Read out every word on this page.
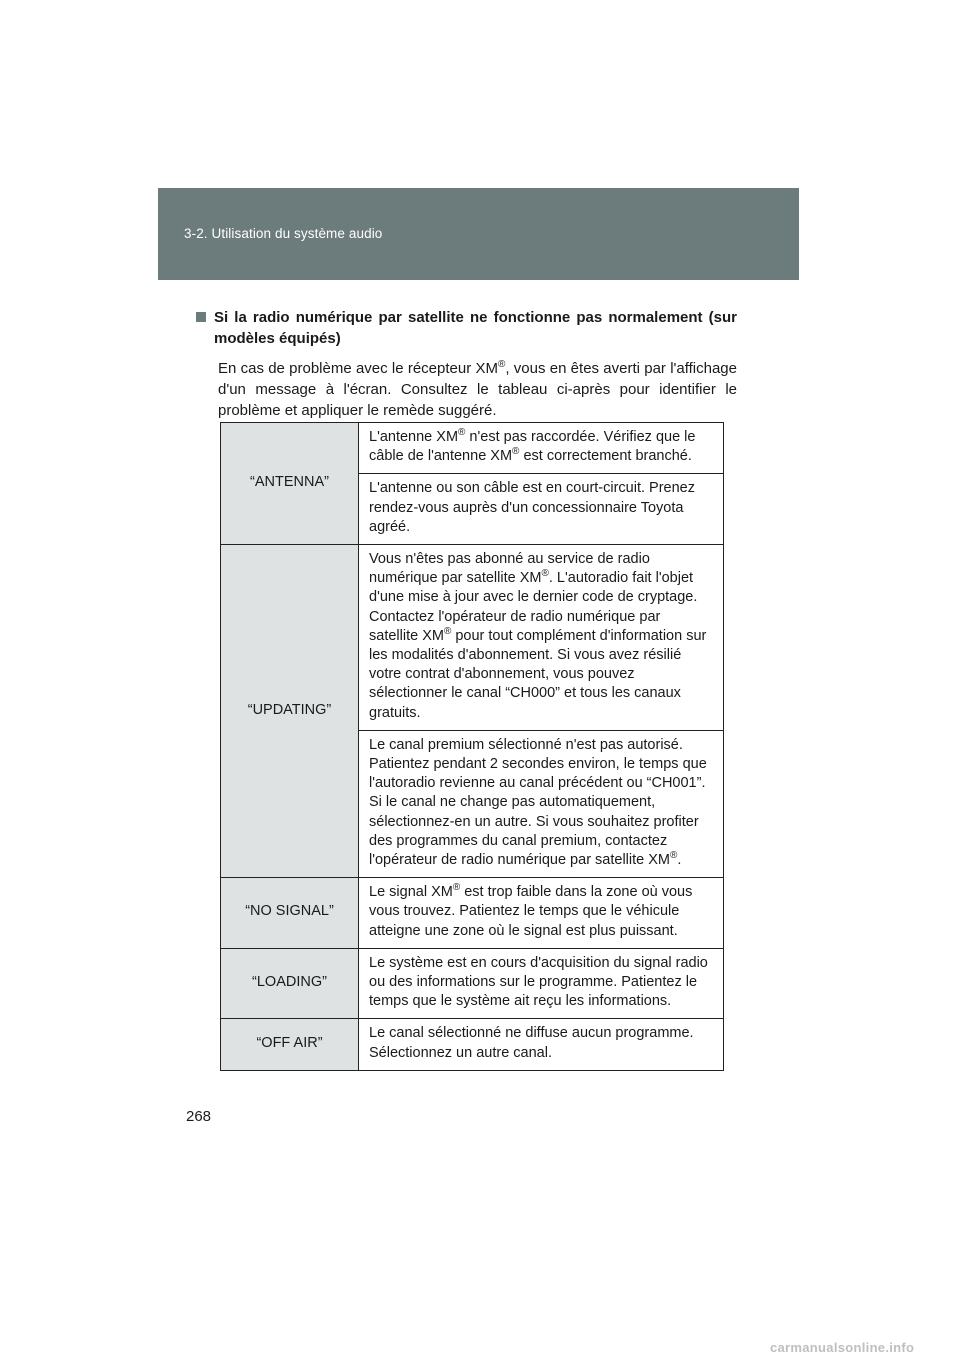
3-2. Utilisation du système audio
Si la radio numérique par satellite ne fonctionne pas normalement (sur modèles équipés)
En cas de problème avec le récepteur XM®, vous en êtes averti par l'affichage d'un message à l'écran. Consultez le tableau ci-après pour identifier le problème et appliquer le remède suggéré.
“ANTENNA”	L'antenne XM® n'est pas raccordée. Vérifiez que le câble de l'antenne XM® est correctement branché.
	L'antenne ou son câble est en court-circuit. Prenez rendez-vous auprès d'un concessionnaire Toyota agréé.
“UPDATING”	Vous n'êtes pas abonné au service de radio numérique par satellite XM®. L'autoradio fait l'objet d'une mise à jour avec le dernier code de cryptage. Contactez l'opérateur de radio numérique par satellite XM® pour tout complément d'information sur les modalités d'abonnement. Si vous avez résilié votre contrat d'abonnement, vous pouvez sélectionner le canal “CH000” et tous les canaux gratuits.
	Le canal premium sélectionné n'est pas autorisé. Patientez pendant 2 secondes environ, le temps que l'autoradio revienne au canal précédent ou “CH001”. Si le canal ne change pas automatiquement, sélectionnez-en un autre. Si vous souhaitez profiter des programmes du canal premium, contactez l'opérateur de radio numérique par satellite XM®.
“NO SIGNAL”	Le signal XM® est trop faible dans la zone où vous vous trouvez. Patientez le temps que le véhicule atteigne une zone où le signal est plus puissant.
“LOADING”	Le système est en cours d'acquisition du signal radio ou des informations sur le programme. Patientez le temps que le système ait reçu les informations.
“OFF AIR”	Le canal sélectionné ne diffuse aucun programme. Sélectionnez un autre canal.
268
carmanualsonline.info
